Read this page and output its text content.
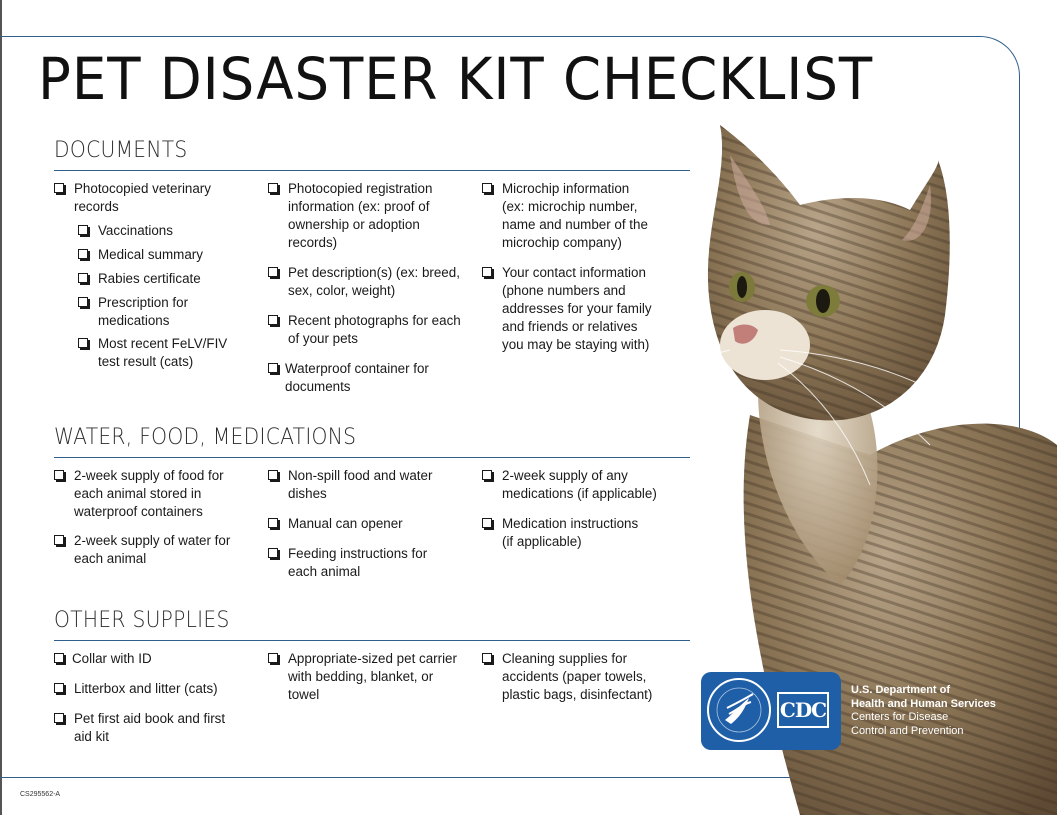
PET DISASTER KIT CHECKLIST
DOCUMENTS
Photocopied veterinary
records
Vaccinations
Medical summary
Rabies certificate
Prescription for
medications
Most recent FeLV/FIV
test result (cats)
Photocopied registration
information (ex: proof of
ownership or adoption
records)
Pet description(s) (ex: breed,
sex, color, weight)
Recent photographs for each
of your pets
Waterproof container for
documents
Microchip information
(ex: microchip number,
name and number of the
microchip company)
Your contact information
(phone numbers and
addresses for your family
and friends or relatives
you may be staying with)
WATER, FOOD, MEDICATIONS
2-week supply of food for
each animal stored in
waterproof containers
2-week supply of water for
each animal
Non-spill food and water
dishes
Manual can opener
Feeding instructions for
each animal
2-week supply of any
medications (if applicable)
Medication instructions
(if applicable)
OTHER SUPPLIES
Collar with ID
Litterbox and litter (cats)
Pet first aid book and first
aid kit
Appropriate-sized pet carrier
with bedding, blanket, or
towel
Cleaning supplies for
accidents (paper towels,
plastic bags, disinfectant)
CDC
U.S. Department of
Health and Human Services
Centers for Disease
Control and Prevention
CS295562-A
